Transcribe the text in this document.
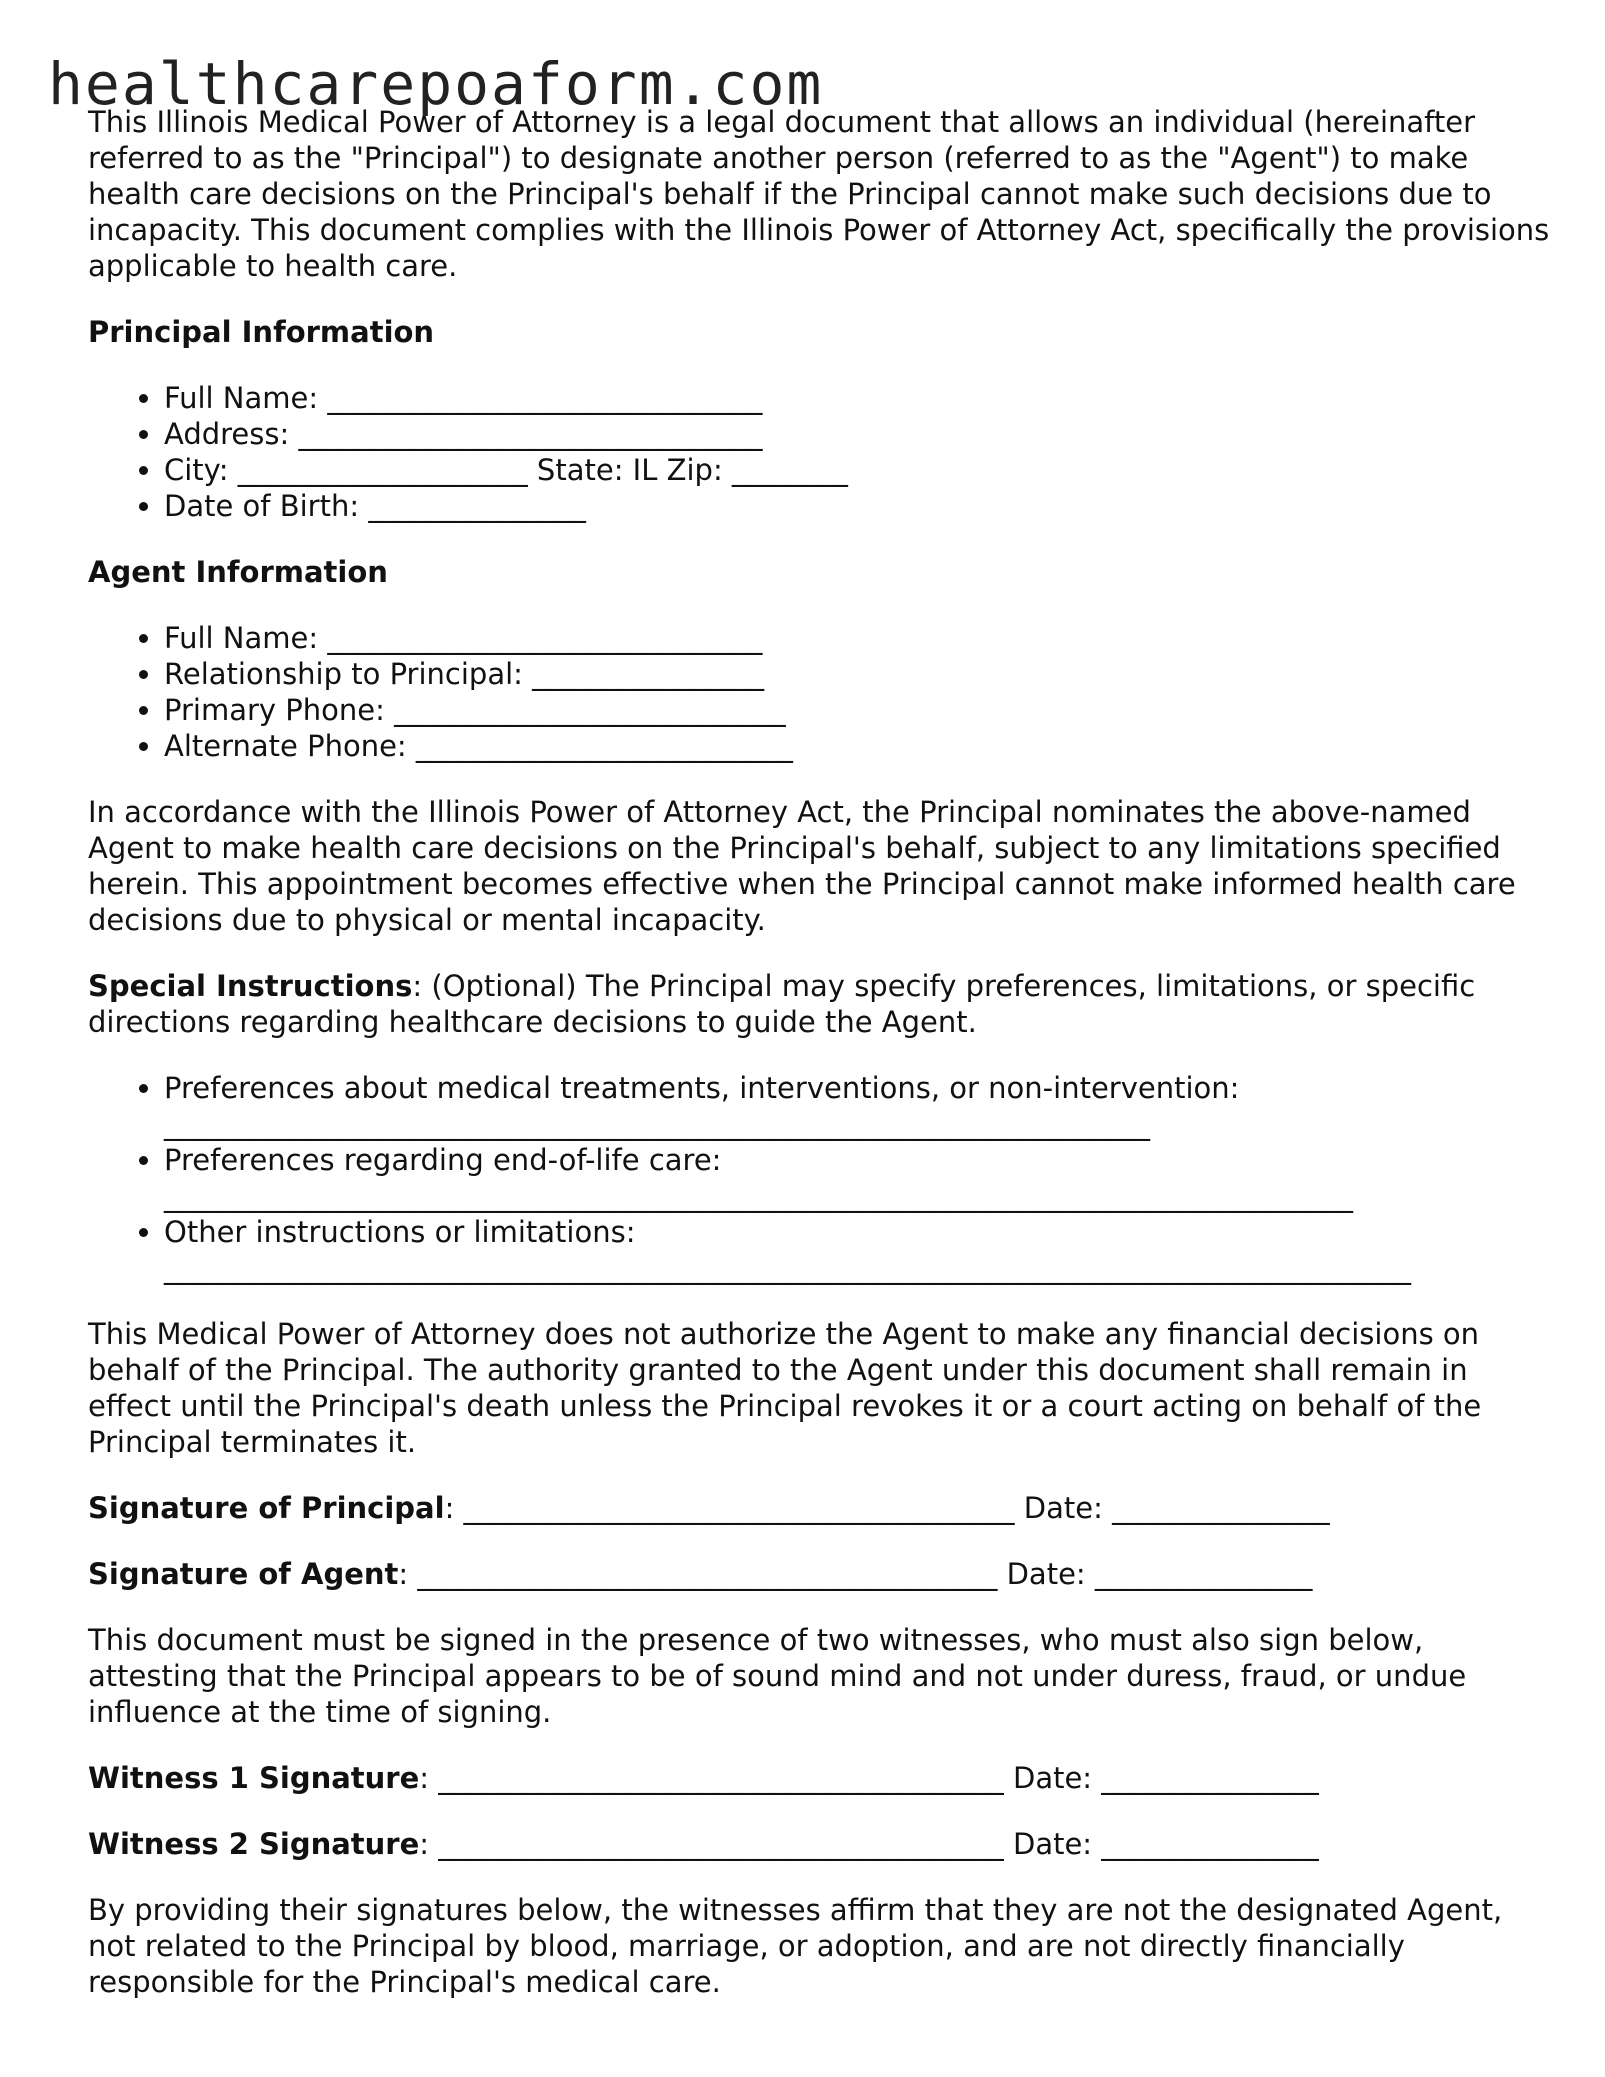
healthcarepoaform.com

This Illinois Medical Power of Attorney is a legal document that allows an individual (hereinafter referred to as the "Principal") to designate another person (referred to as the "Agent") to make health care decisions on the Principal's behalf if the Principal cannot make such decisions due to incapacity. This document complies with the Illinois Power of Attorney Act, specifically the provisions applicable to health care.

Principal Information
• Full Name: ______________________________
• Address: ________________________________
• City: ____________________ State: IL Zip: ________
• Date of Birth: _______________
Agent Information
• Full Name: ______________________________
• Relationship to Principal: ________________
• Primary Phone: ___________________________
• Alternate Phone: __________________________

In accordance with the Illinois Power of Attorney Act, the Principal nominates the above-named Agent to make health care decisions on the Principal's behalf, subject to any limitations specified herein. This appointment becomes effective when the Principal cannot make informed health care decisions due to physical or mental incapacity.

Special Instructions: (Optional) The Principal may specify preferences, limitations, or specific directions regarding healthcare decisions to guide the Agent.

• Preferences about medical treatments, interventions, or non-intervention:
____________________________________________________________________
• Preferences regarding end-of-life care:
__________________________________________________________________________________
• Other instructions or limitations:
______________________________________________________________________________________

This Medical Power of Attorney does not authorize the Agent to make any financial decisions on behalf of the Principal. The authority granted to the Agent under this document shall remain in effect until the Principal's death unless the Principal revokes it or a court acting on behalf of the Principal terminates it.

Signature of Principal: ______________________________________ Date: _______________
Signature of Agent: ________________________________________ Date: _______________

This document must be signed in the presence of two witnesses, who must also sign below, attesting that the Principal appears to be of sound mind and not under duress, fraud, or undue influence at the time of signing.

Witness 1 Signature: _______________________________________ Date: _______________
Witness 2 Signature: _______________________________________ Date: _______________

By providing their signatures below, the witnesses affirm that they are not the designated Agent, not related to the Principal by blood, marriage, or adoption, and are not directly financially responsible for the Principal's medical care.
